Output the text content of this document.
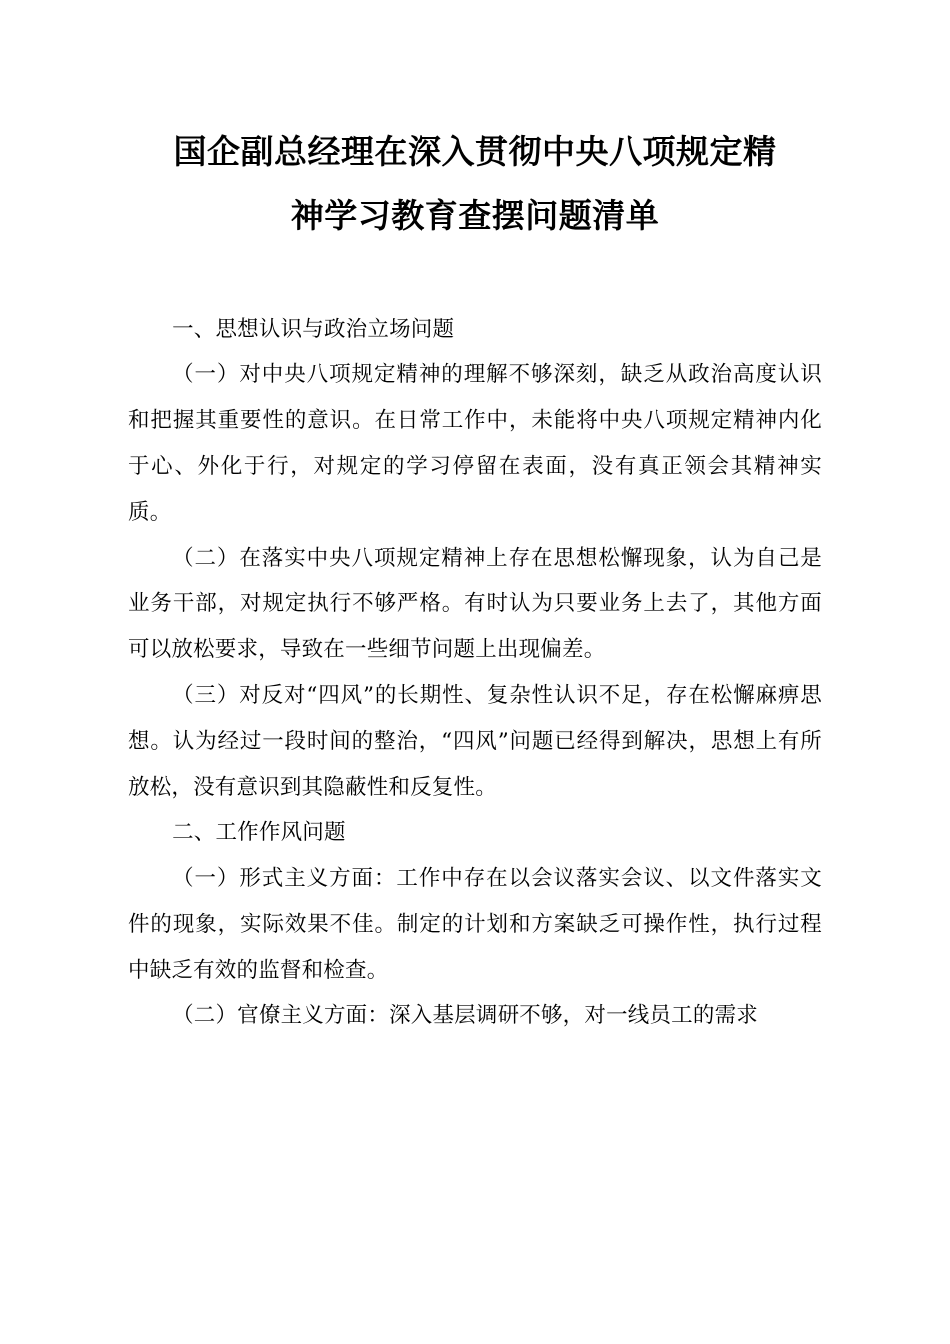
国企副总经理在深入贯彻中央八项规定精
神学习教育查摆问题清单

一、思想认识与政治立场问题

（一）对中央八项规定精神的理解不够深刻，缺乏从政治高度认识和把握其重要性的意识。在日常工作中，未能将中央八项规定精神内化于心、外化于行，对规定的学习停留在表面，没有真正领会其精神实质。

（二）在落实中央八项规定精神上存在思想松懈现象，认为自己是业务干部，对规定执行不够严格。有时认为只要业务上去了，其他方面可以放松要求，导致在一些细节问题上出现偏差。

（三）对反对“四风”的长期性、复杂性认识不足，存在松懈麻痹思想。认为经过一段时间的整治，“四风”问题已经得到解决，思想上有所放松，没有意识到其隐蔽性和反复性。

二、工作作风问题

（一）形式主义方面：工作中存在以会议落实会议、以文件落实文件的现象，实际效果不佳。制定的计划和方案缺乏可操作性，执行过程中缺乏有效的监督和检查。

（二）官僚主义方面：深入基层调研不够，对一线员工的需求
